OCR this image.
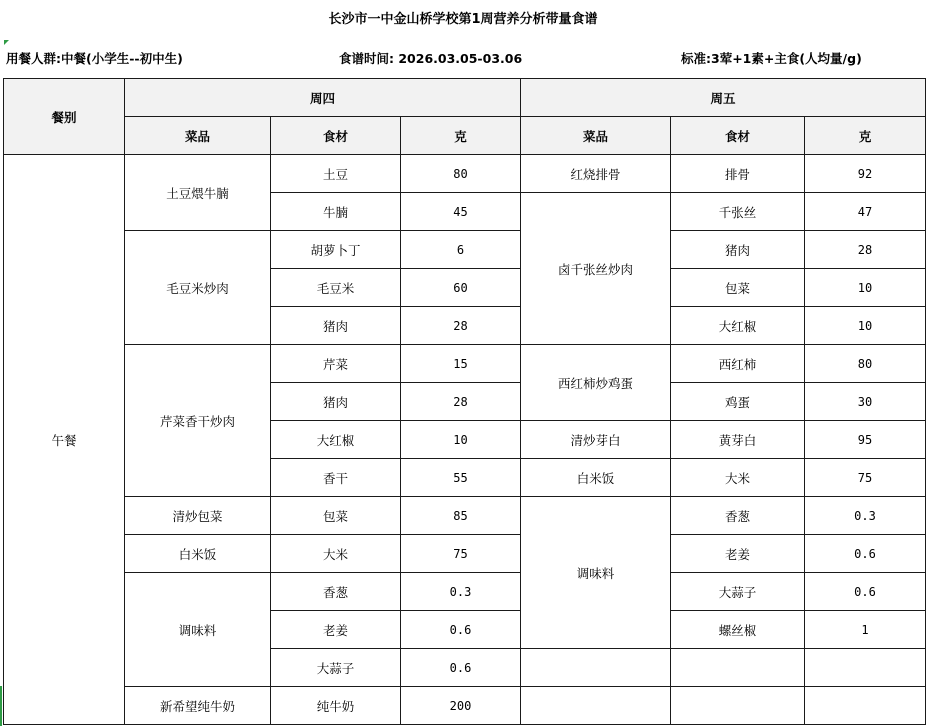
长沙市一中金山桥学校第1周营养分析带量食谱
用餐人群:中餐(小学生--初中生)	食谱时间: 2026.03.05-03.06	标准:3荤+1素+主食(人均量/g)
餐别	周四			周五		
	菜品	食材	克	菜品	食材	克
午餐	土豆煨牛腩	土豆	80	红烧排骨	排骨	92
		牛腩	45	卤千张丝炒肉	千张丝	47
	毛豆米炒肉	胡萝卜丁	6		猪肉	28
		毛豆米	60		包菜	10
		猪肉	28		大红椒	10
	芹菜香干炒肉	芹菜	15	西红柿炒鸡蛋	西红柿	80
		猪肉	28		鸡蛋	30
		大红椒	10	清炒芽白	黄芽白	95
		香干	55	白米饭	大米	75
	清炒包菜	包菜	85	调味料	香葱	0.3
	白米饭	大米	75		老姜	0.6
	调味料	香葱	0.3		大蒜子	0.6
		老姜	0.6		螺丝椒	1
		大蒜子	0.6			
	新希望纯牛奶	纯牛奶	200			
